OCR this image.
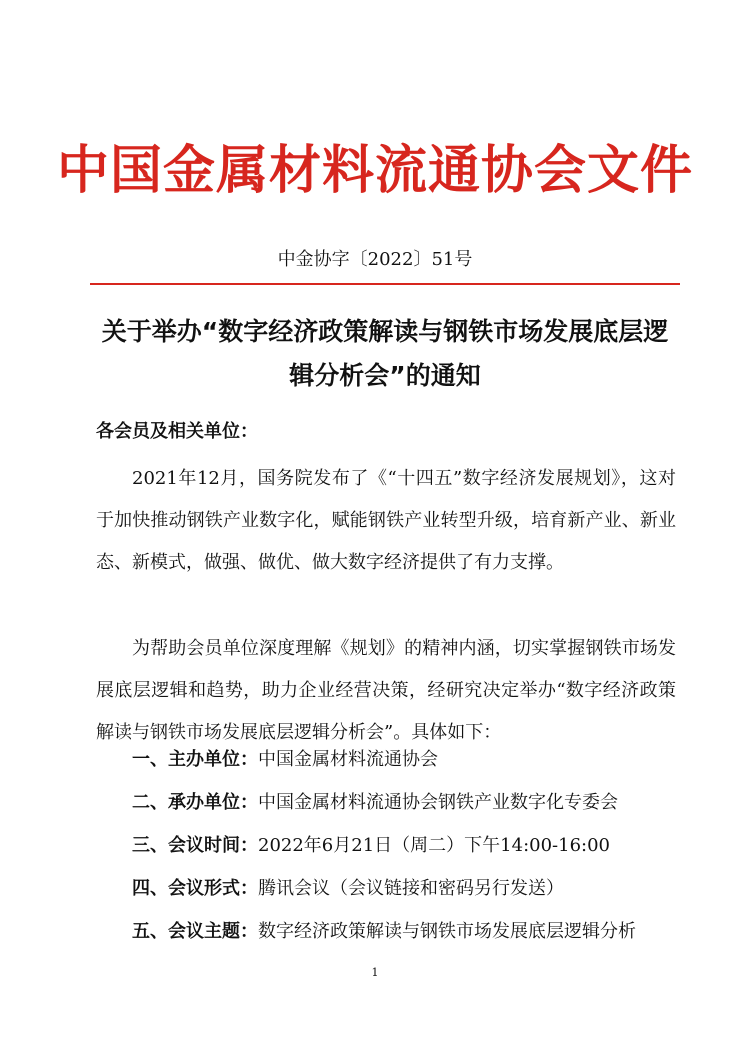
中国金属材料流通协会文件
中金协字〔2022〕51号
关于举办“数字经济政策解读与钢铁市场发展底层逻辑分析会”的通知
各会员及相关单位：
2021年12月，国务院发布了《“十四五”数字经济发展规划》，这对于加快推动钢铁产业数字化，赋能钢铁产业转型升级，培育新产业、新业态、新模式，做强、做优、做大数字经济提供了有力支撑。
为帮助会员单位深度理解《规划》的精神内涵，切实掌握钢铁市场发展底层逻辑和趋势，助力企业经营决策，经研究决定举办“数字经济政策解读与钢铁市场发展底层逻辑分析会”。具体如下：
一、主办单位：中国金属材料流通协会
二、承办单位：中国金属材料流通协会钢铁产业数字化专委会
三、会议时间：2022年6月21日（周二）下午14:00-16:00
四、会议形式：腾讯会议（会议链接和密码另行发送）
五、会议主题：数字经济政策解读与钢铁市场发展底层逻辑分析
1
